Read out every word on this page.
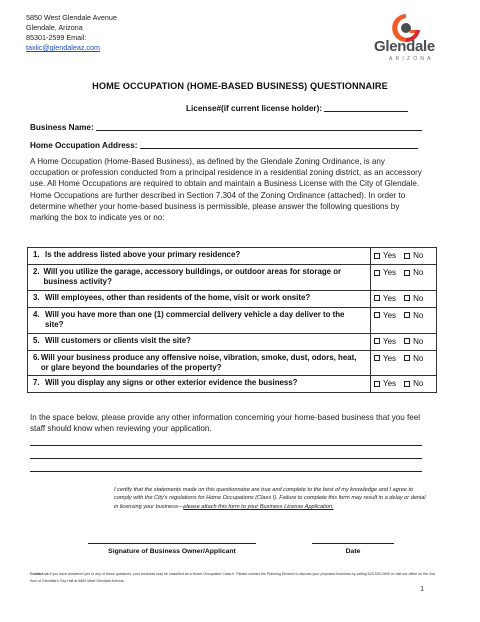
5850 West Glendale Avenue
Glendale, Arizona
85301-2599 Email:
taxlic@glendaleaz.com	Glendale
ARIZONA
HOME OCCUPATION (HOME-BASED BUSINESS) QUESTIONNAIRE
License#(if current license holder):
Business Name:
Home Occupation Address:
A Home Occupation (Home-Based Business), as defined by the Glendale Zoning Ordinance, is any occupation or profession conducted from a principal residence in a residential zoning district, as an accessory use. All Home Occupations are required to obtain and maintain a Business License with the City of Glendale. Home Occupations are further described in Section 7.304 of the Zoning Ordinance (attached). In order to determine whether your home-based business is permissible, please answer the following questions by marking the box to indicate yes or no:
1. Is the address listed above your primary residence?	Yes No

2. Will you utilize the garage, accessory buildings, or outdoor areas for storage or business activity?	Yes No

3. Will employees, other than residents of the home, visit or work onsite?	Yes No

4. Will you have more than one (1) commercial delivery vehicle a day deliver to the site?	Yes No

5. Will customers or clients visit the site?	Yes No

6. Will your business produce any offensive noise, vibration, smoke, dust, odors, heat, or glare beyond the boundaries of the property?	Yes No

7. Will you display any signs or other exterior evidence the business?	Yes No
In the space below, please provide any other information concerning your home-based business that you feel staff should know when reviewing your application.
I certify that the statements made on this questionnaire are true and complete to the best of my knowledge and I agree to comply with the City's regulations for Home Occupations (Class I). Failure to complete this form may result in a delay or denial in licensing your business—please attach this form to your Business License Application.
Signature of Business Owner/Applicant	Date
Contact us if you have answered yes to any of these questions, your business may be classified as a Home Occupation Class II. Please contact the Planning Division to discuss your proposed business by calling 623-930-2800 or visit our office on the 2nd floor of Glendale's City Hall at 5850 West Glendale Avenue.
1
